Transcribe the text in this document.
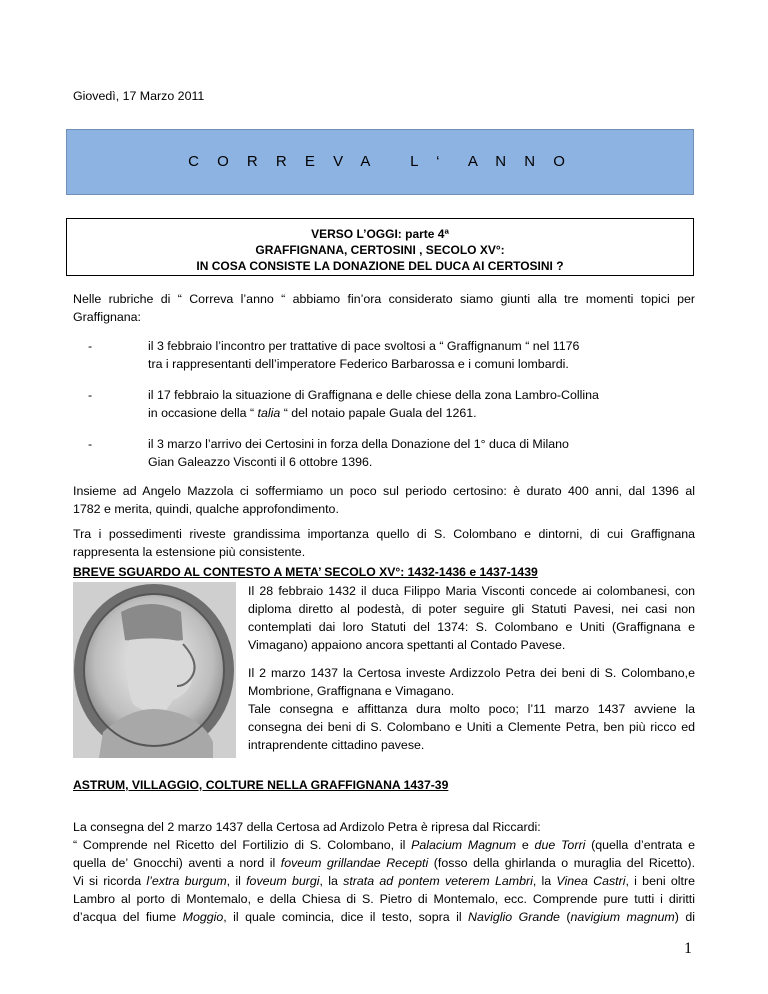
Giovedì, 17 Marzo 2011
C O R R E V A   L ‘  A N N O
VERSO L’OGGI: parte 4ª
GRAFFIGNANA, CERTOSINI , SECOLO XV°:
IN COSA CONSISTE LA DONAZIONE DEL DUCA AI CERTOSINI ?
Nelle rubriche di “ Correva l’anno “ abbiamo fin’ora considerato siamo giunti alla tre momenti topici per
Graffignana:
-	il 3 febbraio l’incontro per trattative di pace svoltosi a “ Graffignanum “ nel 1176
tra i rappresentanti dell’imperatore Federico Barbarossa e i comuni lombardi.
-	il 17 febbraio la situazione di Graffignana e delle chiese della zona Lambro-Collina
in occasione della “ talia “ del notaio papale Guala del 1261.
-	il 3 marzo l’arrivo dei Certosini in forza della Donazione del 1° duca di Milano
Gian Galeazzo Visconti il 6 ottobre 1396.
Insieme ad Angelo Mazzola ci soffermiamo un poco sul periodo certosino: è durato 400 anni, dal 1396 al
1782 e merita, quindi, qualche approfondimento.
Tra i possedimenti riveste grandissima importanza quello di S. Colombano e dintorni, di cui Graffignana
rappresenta la estensione più consistente.
BREVE SGUARDO AL CONTESTO A META’ SECOLO XV°: 1432-1436 e 1437-1439
Il 28 febbraio 1432 il duca Filippo Maria Visconti concede ai colombanesi, con
diploma diretto al podestà, di poter seguire gli Statuti Pavesi, nei casi non
contemplati dai loro Statuti del 1374: S. Colombano e Uniti (Graffignana e
Vimagano) appaiono ancora spettanti al Contado Pavese.
Il 2 marzo 1437 la Certosa investe Ardizzolo Petra dei beni di S. Colombano,e
Mombrione, Graffignana e Vimagano.
Tale consegna e affittanza dura molto poco; l’11 marzo 1437 avviene la
consegna dei beni di S. Colombano e Uniti a Clemente Petra, ben più ricco ed
intraprendente cittadino pavese.
ASTRUM, VILLAGGIO, COLTURE NELLA GRAFFIGNANA 1437-39
La consegna del 2 marzo 1437 della Certosa ad Ardizolo Petra è ripresa dal Riccardi:
“ Comprende nel Ricetto del Fortilizio di S. Colombano, il Palacium Magnum e due Torri (quella d’entrata e
quella de’ Gnocchi) aventi a nord il foveum grillandae Recepti (fosso della ghirlanda o muraglia del Ricetto).
Vi si ricorda l’extra burgum, il foveum burgi, la strata ad pontem veterem Lambri, la Vinea Castri, i beni oltre
Lambro al porto di Montemalo, e della Chiesa di S. Pietro di Montemalo, ecc. Comprende pure tutti i diritti
d’acqua del fiume Moggio, il quale comincia, dice il testo, sopra il Naviglio Grande (navigium magnum) di
1
